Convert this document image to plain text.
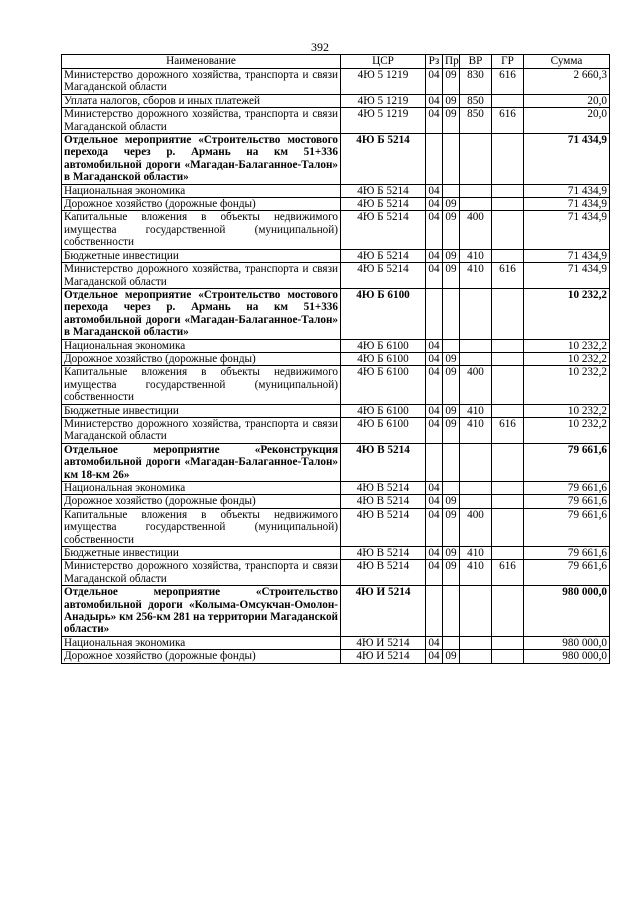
392
Наименование	ЦСР	Рз	Пр	ВР	ГР	Сумма
Министерство дорожного хозяйства, транспорта и связи Магаданской области	4Ю 5 1219	04	09	830	616	2 660,3
Уплата налогов, сборов и иных платежей	4Ю 5 1219	04	09	850		20,0
Министерство дорожного хозяйства, транспорта и связи Магаданской области	4Ю 5 1219	04	09	850	616	20,0
Отдельное мероприятие «Строительство мостового перехода через р. Армань на км 51+336 автомобильной дороги «Магадан-Балаганное-Талон» в Магаданской области»	4Ю Б 5214					71 434,9
Национальная экономика	4Ю Б 5214	04				71 434,9
Дорожное хозяйство (дорожные фонды)	4Ю Б 5214	04	09			71 434,9
Капитальные вложения в объекты недвижимого имущества государственной (муниципальной) собственности	4Ю Б 5214	04	09	400		71 434,9
Бюджетные инвестиции	4Ю Б 5214	04	09	410		71 434,9
Министерство дорожного хозяйства, транспорта и связи Магаданской области	4Ю Б 5214	04	09	410	616	71 434,9
Отдельное мероприятие «Строительство мостового перехода через р. Армань на км 51+336 автомобильной дороги «Магадан-Балаганное-Талон» в Магаданской области»	4Ю Б 6100					10 232,2
Национальная экономика	4Ю Б 6100	04				10 232,2
Дорожное хозяйство (дорожные фонды)	4Ю Б 6100	04	09			10 232,2
Капитальные вложения в объекты недвижимого имущества государственной (муниципальной) собственности	4Ю Б 6100	04	09	400		10 232,2
Бюджетные инвестиции	4Ю Б 6100	04	09	410		10 232,2
Министерство дорожного хозяйства, транспорта и связи Магаданской области	4Ю Б 6100	04	09	410	616	10 232,2
Отдельное мероприятие «Реконструкция автомобильной дороги «Магадан-Балаганное-Талон» км 18-км 26»	4Ю В 5214					79 661,6
Национальная экономика	4Ю В 5214	04				79 661,6
Дорожное хозяйство (дорожные фонды)	4Ю В 5214	04	09			79 661,6
Капитальные вложения в объекты недвижимого имущества государственной (муниципальной) собственности	4Ю В 5214	04	09	400		79 661,6
Бюджетные инвестиции	4Ю В 5214	04	09	410		79 661,6
Министерство дорожного хозяйства, транспорта и связи Магаданской области	4Ю В 5214	04	09	410	616	79 661,6
Отдельное мероприятие «Строительство автомобильной дороги «Колыма-Омсукчан-Омолон-Анадырь» км 256-км 281 на территории Магаданской области»	4Ю И 5214					980 000,0
Национальная экономика	4Ю И 5214	04				980 000,0
Дорожное хозяйство (дорожные фонды)	4Ю И 5214	04	09			980 000,0
